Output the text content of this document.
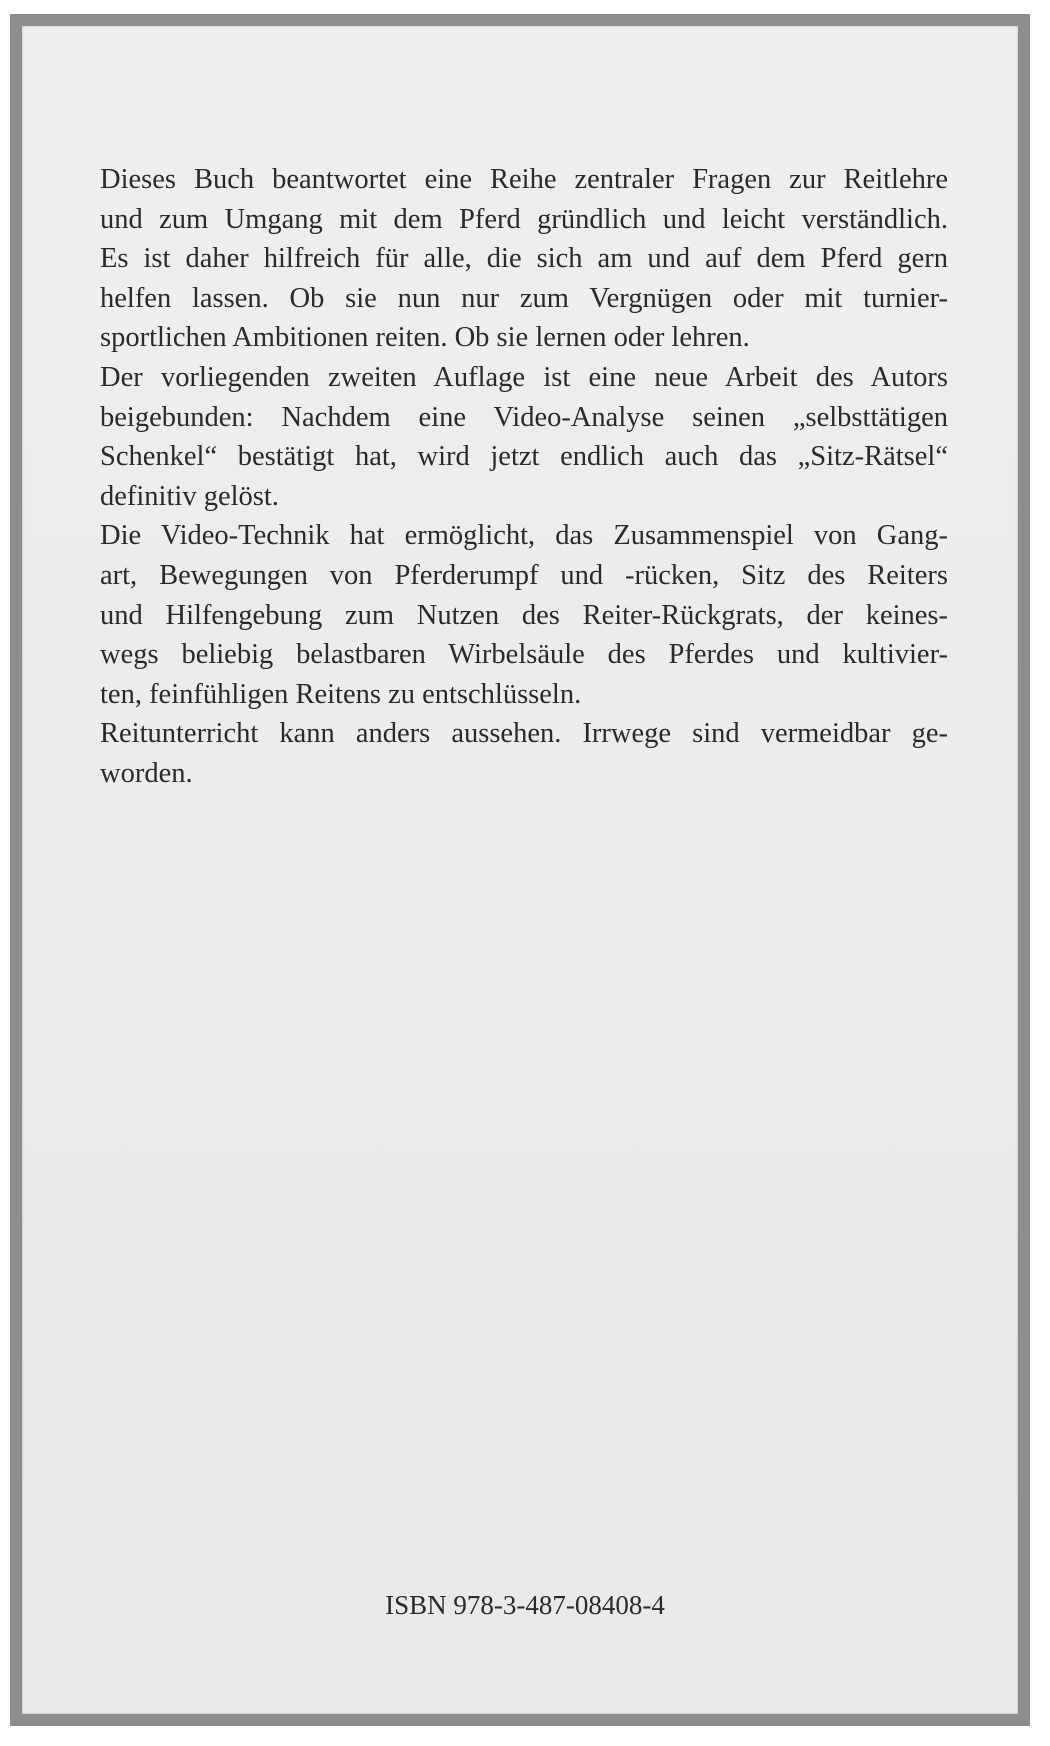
Dieses Buch beantwortet eine Reihe zentraler Fragen zur Reitlehre
und zum Umgang mit dem Pferd gründlich und leicht verständlich.
Es ist daher hilfreich für alle, die sich am und auf dem Pferd gern
helfen lassen. Ob sie nun nur zum Vergnügen oder mit turnier-
sportlichen Ambitionen reiten. Ob sie lernen oder lehren.
Der vorliegenden zweiten Auflage ist eine neue Arbeit des Autors
beigebunden: Nachdem eine Video-Analyse seinen „selbsttätigen
Schenkel“ bestätigt hat, wird jetzt endlich auch das „Sitz-Rätsel“
definitiv gelöst.
Die Video-Technik hat ermöglicht, das Zusammenspiel von Gang-
art, Bewegungen von Pferderumpf und -rücken, Sitz des Reiters
und Hilfengebung zum Nutzen des Reiter-Rückgrats, der keines-
wegs beliebig belastbaren Wirbelsäule des Pferdes und kultivier-
ten, feinfühligen Reitens zu entschlüsseln.
Reitunterricht kann anders aussehen. Irrwege sind vermeidbar ge-
worden.
ISBN 978-3-487-08408-4
